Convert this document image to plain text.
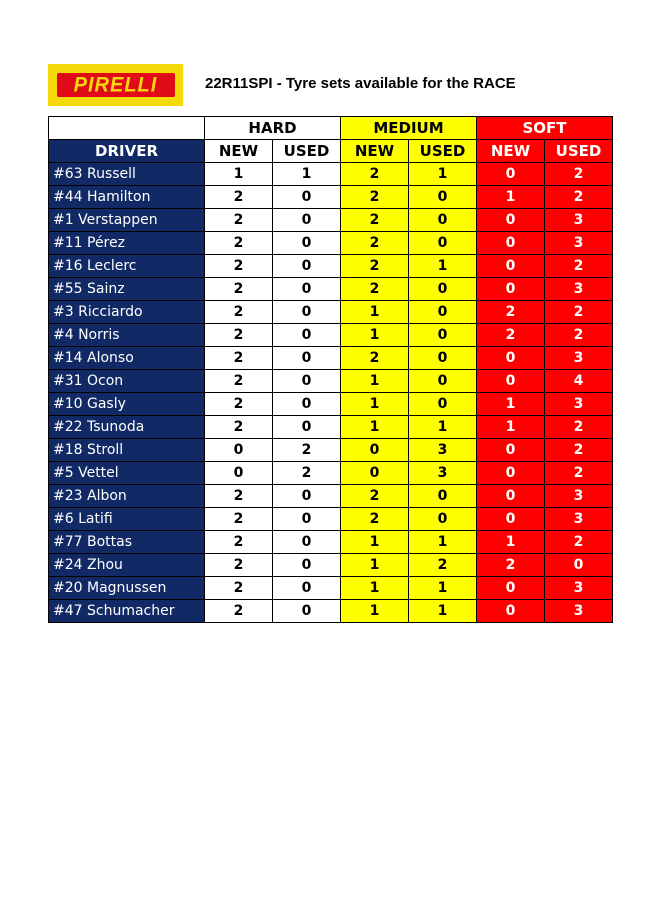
PIRELLI	22R11SPI - Tyre sets available for the RACE
	HARD		MEDIUM		SOFT	
DRIVER	NEW	USED	NEW	USED	NEW	USED
#63 Russell	1	1	2	1	0	2
#44 Hamilton	2	0	2	0	1	2
#1 Verstappen	2	0	2	0	0	3
#11 Pérez	2	0	2	0	0	3
#16 Leclerc	2	0	2	1	0	2
#55 Sainz	2	0	2	0	0	3
#3 Ricciardo	2	0	1	0	2	2
#4 Norris	2	0	1	0	2	2
#14 Alonso	2	0	2	0	0	3
#31 Ocon	2	0	1	0	0	4
#10 Gasly	2	0	1	0	1	3
#22 Tsunoda	2	0	1	1	1	2
#18 Stroll	0	2	0	3	0	2
#5 Vettel	0	2	0	3	0	2
#23 Albon	2	0	2	0	0	3
#6 Latifi	2	0	2	0	0	3
#77 Bottas	2	0	1	1	1	2
#24 Zhou	2	0	1	2	2	0
#20 Magnussen	2	0	1	1	0	3
#47 Schumacher	2	0	1	1	0	3
